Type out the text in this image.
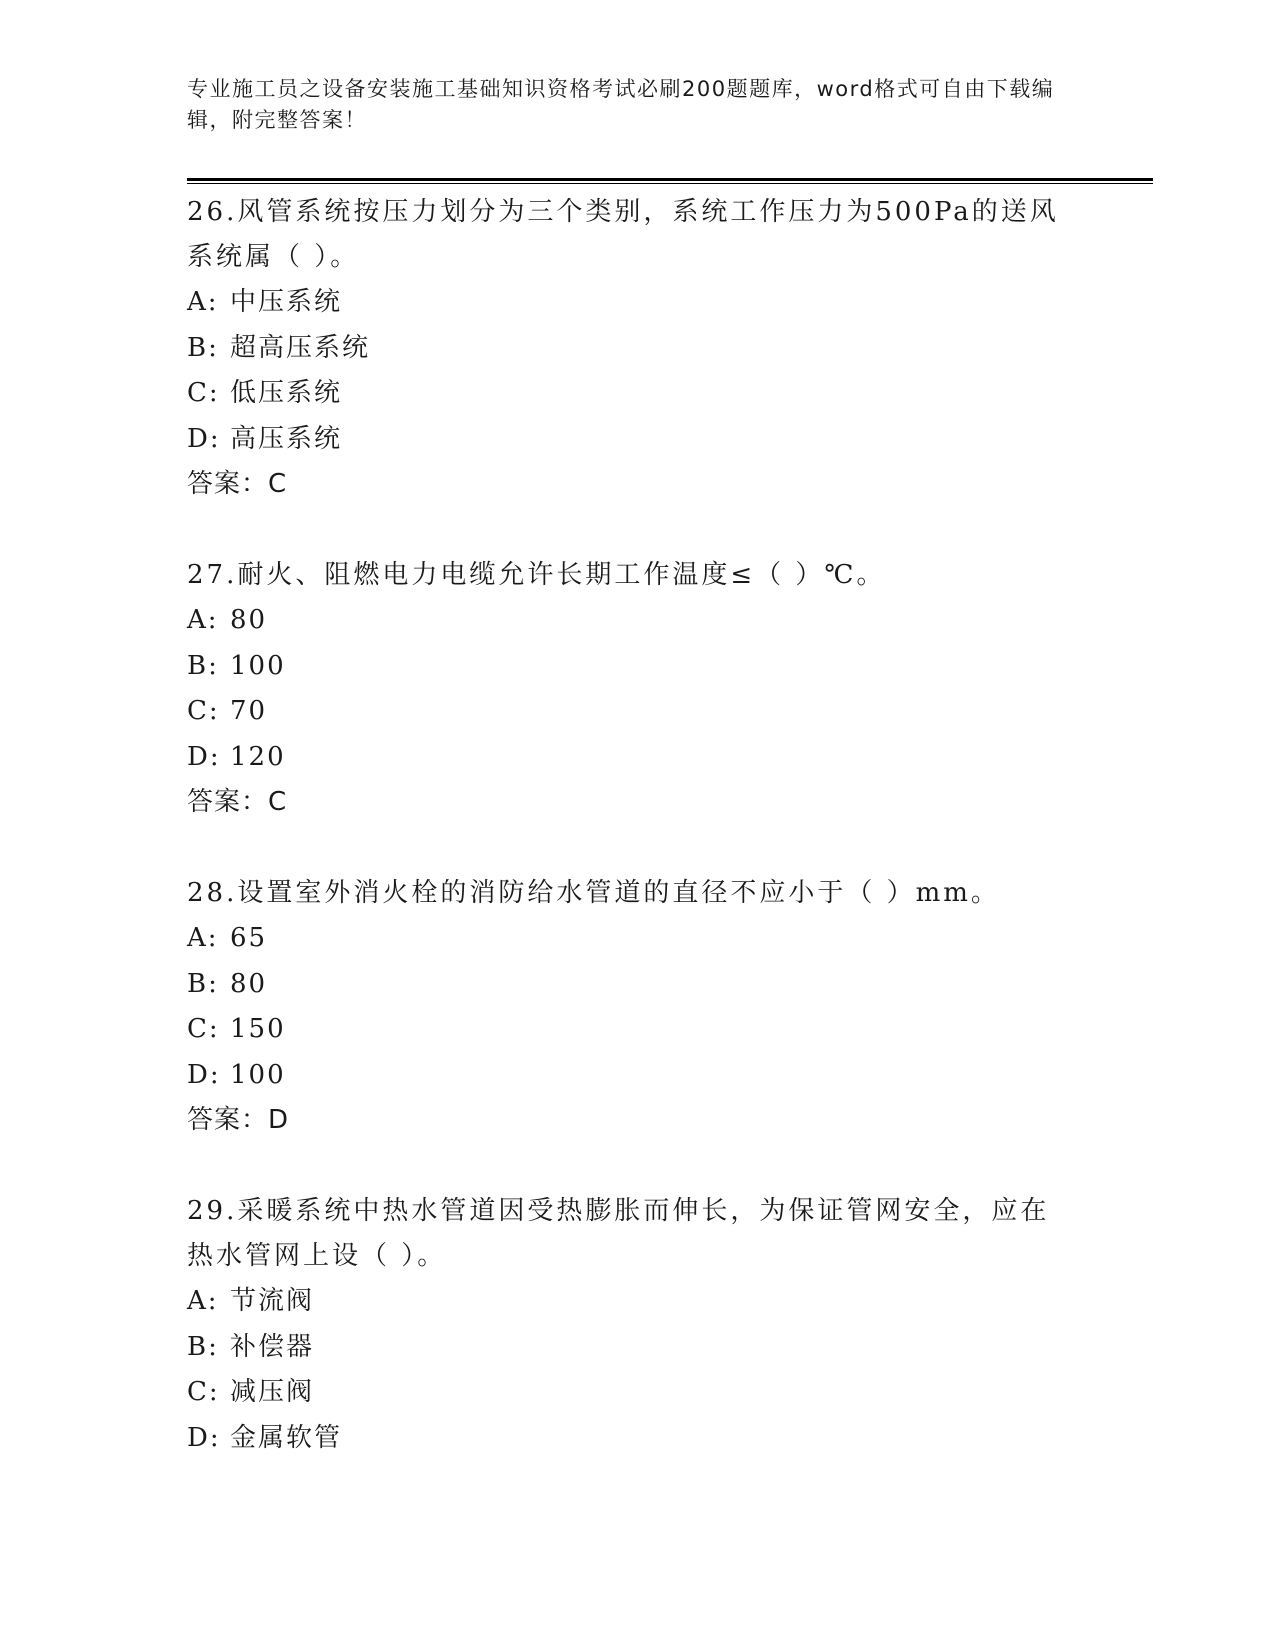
专业施工员之设备安装施工基础知识资格考试必刷200题题库，word格式可自由下载编辑，附完整答案！
26.风管系统按压力划分为三个类别，系统工作压力为500Pa的送风系统属（ ）。
A: 中压系统
B: 超高压系统
C: 低压系统
D: 高压系统
答案：C
27.耐火、阻燃电力电缆允许长期工作温度≤（ ）℃。
A: 80
B: 100
C: 70
D: 120
答案：C
28.设置室外消火栓的消防给水管道的直径不应小于（ ）mm。
A: 65
B: 80
C: 150
D: 100
答案：D
29.采暖系统中热水管道因受热膨胀而伸长，为保证管网安全，应在热水管网上设（ ）。
A: 节流阀
B: 补偿器
C: 减压阀
D: 金属软管
